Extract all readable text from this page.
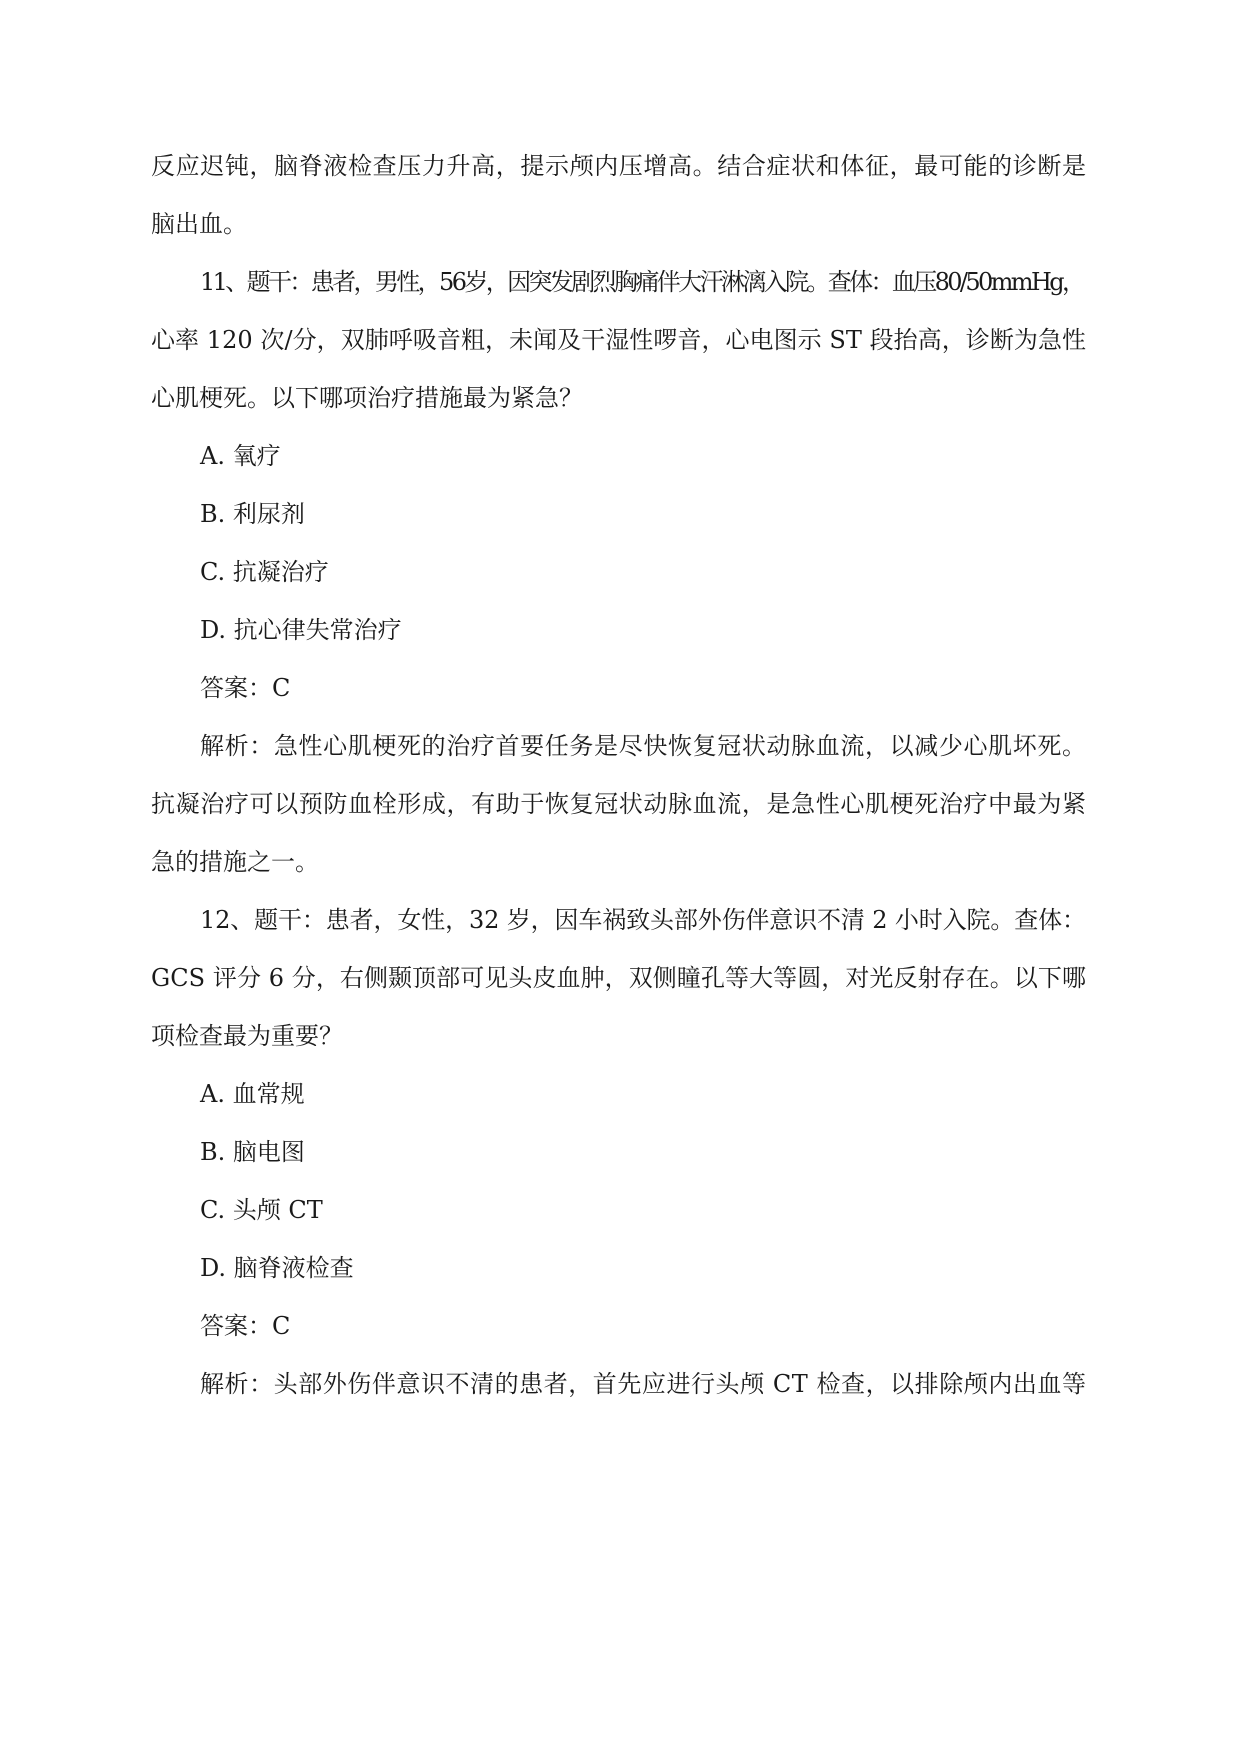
反应迟钝，脑脊液检查压力升高，提示颅内压增高。结合症状和体征，最可能的诊断是
脑出血。
11、题干：患者，男性，56岁，因突发剧烈胸痛伴大汗淋漓入院。查体：血压80/50mmHg，
心率 120 次/分，双肺呼吸音粗，未闻及干湿性啰音，心电图示 ST 段抬高，诊断为急性
心肌梗死。以下哪项治疗措施最为紧急？
A. 氧疗
B. 利尿剂
C. 抗凝治疗
D. 抗心律失常治疗
答案：C
解析：急性心肌梗死的治疗首要任务是尽快恢复冠状动脉血流，以减少心肌坏死。
抗凝治疗可以预防血栓形成，有助于恢复冠状动脉血流，是急性心肌梗死治疗中最为紧
急的措施之一。
12、题干：患者，女性，32 岁，因车祸致头部外伤伴意识不清 2 小时入院。查体：
GCS 评分 6 分，右侧颞顶部可见头皮血肿，双侧瞳孔等大等圆，对光反射存在。以下哪
项检查最为重要？
A. 血常规
B. 脑电图
C. 头颅 CT
D. 脑脊液检查
答案：C
解析：头部外伤伴意识不清的患者，首先应进行头颅 CT 检查，以排除颅内出血等
